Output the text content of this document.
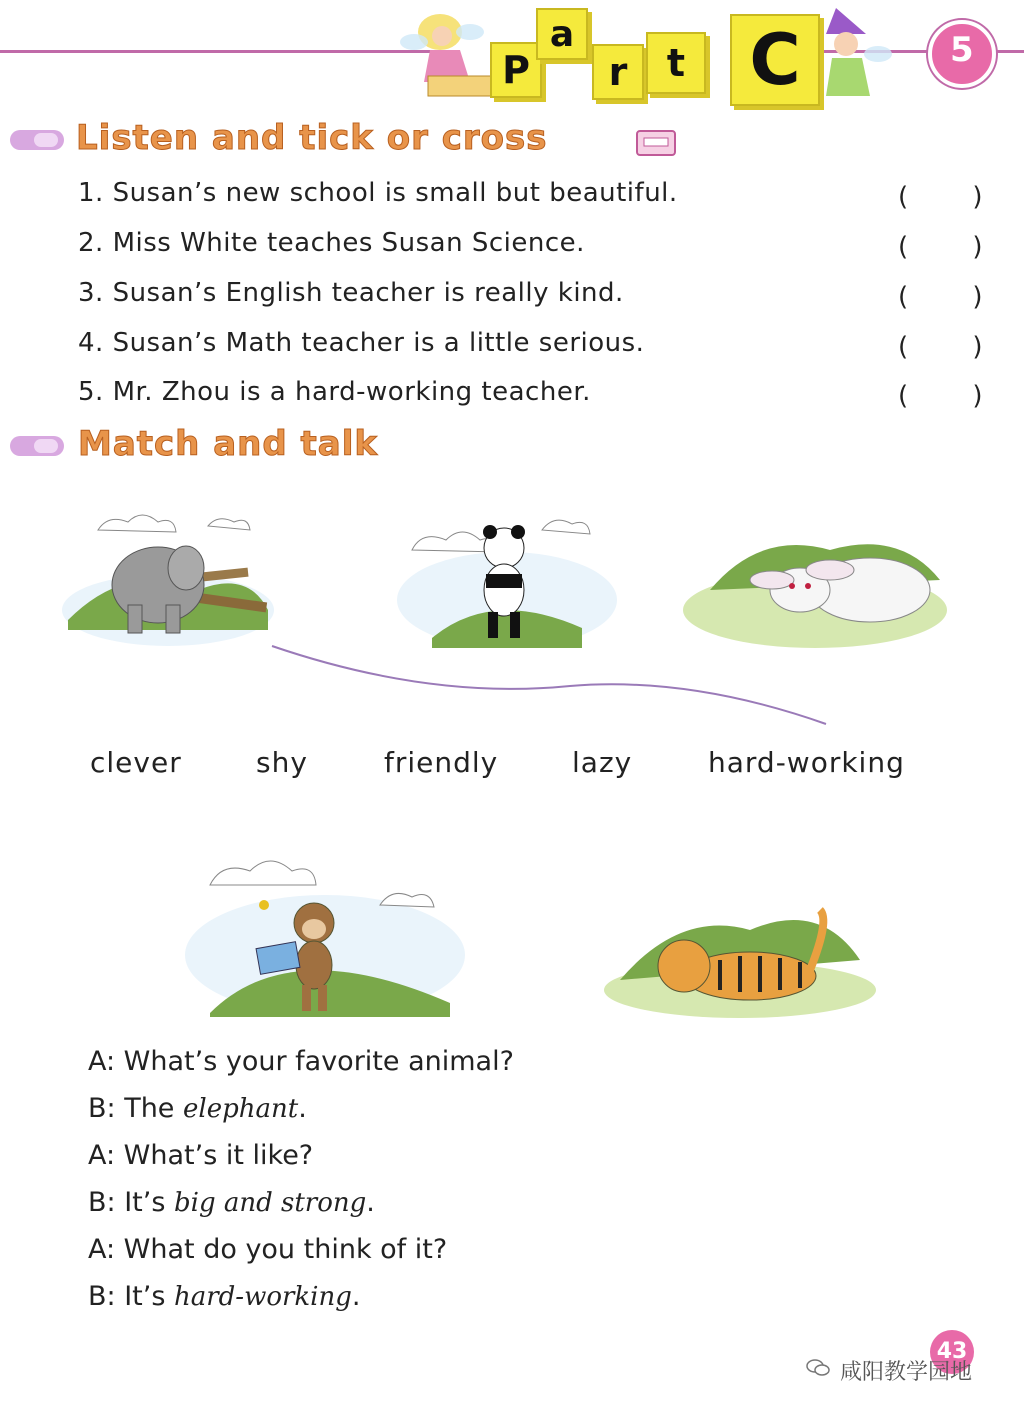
P
a
r	t C	5
Listen and tick or cross
1. Susan’s new school is small but beautiful.	( )
2. Miss White teaches Susan Science.	( )
3. Susan’s English teacher is really kind.	( )
4. Susan’s Math teacher is a little serious.	( )
5. Mr. Zhou is a hard-working teacher.	( )
Match and talk
clever	shy	friendly	lazy	hard-working
A: What’s your favorite animal?
B: The elephant.
A: What’s it like?
B: It’s big and strong.
A: What do you think of it?
B: It’s hard-working.
43
咸阳教学园地
